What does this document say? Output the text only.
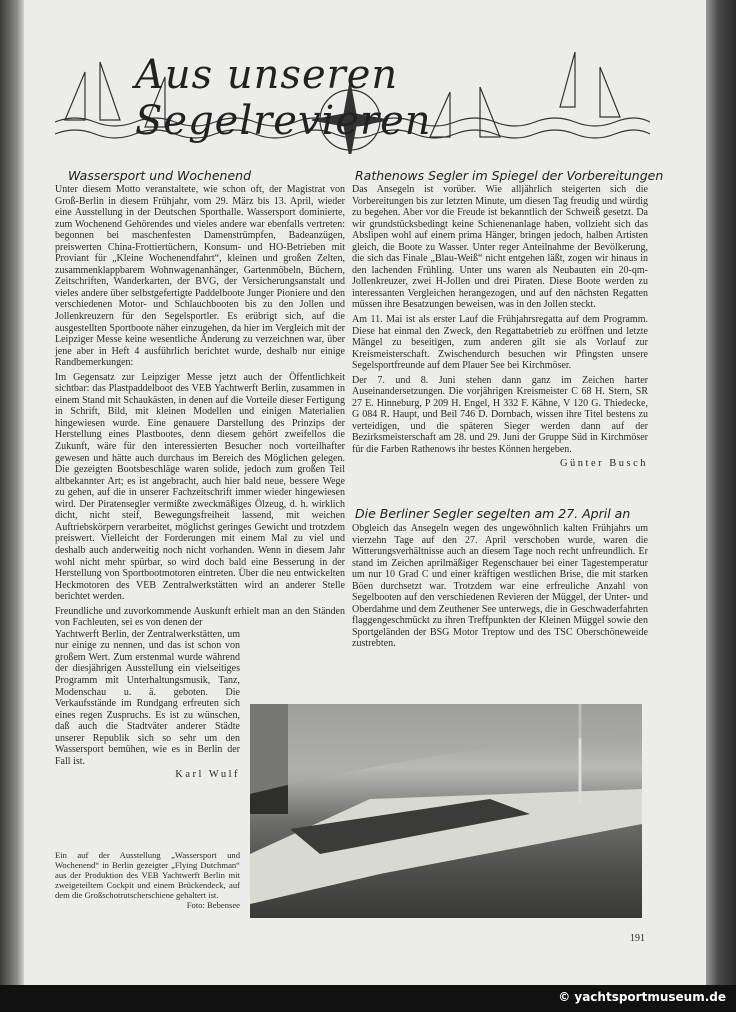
Aus unseren Segelrevieren
Wassersport und Wochenend

Unter diesem Motto veranstaltete, wie schon oft, der Magistrat von Groß-Berlin in diesem Frühjahr, vom 29. März bis 13. April, wieder eine Ausstellung in der Deutschen Sporthalle. Wassersport dominierte, zum Wochenend Gehörendes und vieles andere war ebenfalls vertreten: begonnen bei maschenfesten Damenstrümpfen, Badeanzügen, preiswerten China-Frottiertüchern, Konsum- und HO-Betrieben mit Proviant für „Kleine Wochenendfahrt“, kleinen und großen Zelten, zusammenklappbarem Wohnwagenanhänger, Gartenmöbeln, Büchern, Zeitschriften, Wanderkarten, der BVG, der Versicherungsanstalt und vieles andere über selbstgefertigte Paddelboote Junger Pioniere und den verschiedenen Motor- und Schlauchbooten bis zu den Jollen und Jollenkreuzern für den Segelsportler. Es erübrigt sich, auf die ausgestellten Sportboote näher einzugehen, da hier im Vergleich mit der Leipziger Messe keine wesentliche Änderung zu verzeichnen war, über jene aber in Heft 4 ausführlich berichtet wurde, deshalb nur einige Randbemerkungen:

Im Gegensatz zur Leipziger Messe jetzt auch der Öffentlichkeit sichtbar: das Plastpaddelboot des VEB Yachtwerft Berlin, zusammen in einem Stand mit Schaukästen, in denen auf die Vorteile dieser Fertigung in Schrift, Bild, mit kleinen Modellen und einigen Materialien hingewiesen wurde. Eine genauere Darstellung des Prinzips der Herstellung eines Plastbootes, denn diesem gehört zweifellos die Zukunft, wäre für den interessierten Besucher noch vorteilhafter gewesen und hätte auch durchaus im Bereich des Möglichen gelegen. Die gezeigten Bootsbeschläge waren solide, jedoch zum großen Teil altbekannter Art; es ist angebracht, auch hier bald neue, bessere Wege zu gehen, auf die in unserer Fachzeitschrift immer wieder hingewiesen wird. Der Piratensegler vermißte zweckmäßiges Ölzeug, d. h. wirklich dicht, nicht steif, Bewegungsfreiheit lassend, mit weichen Auftriebskörpern verarbeitet, möglichst geringes Gewicht und trotzdem preiswert. Vielleicht der Forderungen mit einem Mal zu viel und deshalb auch anderweitig noch nicht vorhanden. Wenn in diesem Jahr wohl nicht mehr spürbar, so wird doch bald eine Besserung in der Herstellung von Sportbootmotoren eintreten. Über die neu entwickelten Heckmotoren des VEB Zentralwerkstätten wird an anderer Stelle berichtet werden.

Freundliche und zuvorkommende Auskunft erhielt man an den Ständen von Fachleuten, sei es von denen der

Yachtwerft Berlin, der Zentralwerkstätten, um nur einige zu nennen, und das ist schon von großem Wert. Zum erstenmal wurde während der diesjährigen Ausstellung ein vielseitiges Programm mit Unterhaltungsmusik, Tanz, Modenschau u. ä. geboten. Die Verkaufsstände im Rundgang erfreuten sich eines regen Zuspruchs. Es ist zu wünschen, daß auch die Stadtväter anderer Städte unserer Republik sich so sehr um den Wassersport bemühen, wie es in Berlin der Fall ist.

Karl Wulf
Ein auf der Ausstellung „Wassersport und Wochenend“ in Berlin gezeigter „Flying Dutchman“ aus der Produktion des VEB Yachtwerft Berlin mit zweigeteiltem Cockpit und einem Brückendeck, auf dem die Großschotrutscherschiene gehaltert ist.
Foto: Bebensee
Rathenows Segler im Spiegel der Vorbereitungen

Das Ansegeln ist vorüber. Wie alljährlich steigerten sich die Vorbereitungen bis zur letzten Minute, um diesen Tag freudig und würdig zu begehen. Aber vor die Freude ist bekanntlich der Schweiß gesetzt. Da wir grundstücksbedingt keine Schienenanlage haben, vollzieht sich das Abslipen wohl auf einem prima Hänger, bringen jedoch, halben Artisten gleich, die Boote zu Wasser. Unter reger Anteilnahme der Bevölkerung, die sich das Finale „Blau-Weiß“ nicht entgehen läßt, zogen wir hinaus in den lachenden Frühling. Unter uns waren als Neubauten ein 20-qm-Jollenkreuzer, zwei H-Jollen und drei Piraten. Diese Boote werden zu interessanten Vergleichen herangezogen, und auf den nächsten Regatten müssen ihre Besatzungen beweisen, was in den Jollen steckt.

Am 11. Mai ist als erster Lauf die Frühjahrsregatta auf dem Programm. Diese hat einmal den Zweck, den Regattabetrieb zu eröffnen und letzte Mängel zu beseitigen, zum anderen gilt sie als Vorlauf zur Kreismeisterschaft. Zwischendurch besuchen wir Pfingsten unsere Segelsportfreunde auf dem Plauer See bei Kirchmöser.

Der 7. und 8. Juni stehen dann ganz im Zeichen harter Auseinandersetzungen. Die vorjährigen Kreismeister C 68 H. Stern, SR 27 E. Hinneburg, P 209 H. Engel, H 332 F. Kähne, V 120 G. Thiedecke, G 084 R. Haupt, und Beil 746 D. Dornbach, wissen ihre Titel bestens zu verteidigen, und die späteren Sieger werden dann auf der Bezirksmeisterschaft am 28. und 29. Juni der Gruppe Süd in Kirchmöser für die Farben Rathenows ihr bestes Können hergeben.

Günter Busch
Die Berliner Segler segelten am 27. April an

Obgleich das Ansegeln wegen des ungewöhnlich kalten Frühjahrs um vierzehn Tage auf den 27. April verschoben wurde, waren die Witterungsverhältnisse auch an diesem Tage noch recht unfreundlich. Er stand im Zeichen aprilmäßiger Regenschauer bei einer Tagestemperatur um nur 10 Grad C und einer kräftigen westlichen Brise, die mit starken Böen durchsetzt war. Trotzdem war eine erfreuliche Anzahl von Segelbooten auf den verschiedenen Revieren der Müggel, der Unter- und Oberdahme und dem Zeuthener See unterwegs, die in Geschwaderfahrten flaggengeschmückt zu ihren Treffpunkten der Kleinen Müggel sowie den Sportgeländen der BSG Motor Treptow und des TSC Oberschöneweide zustrebten.

191
© yachtsportmuseum.de
